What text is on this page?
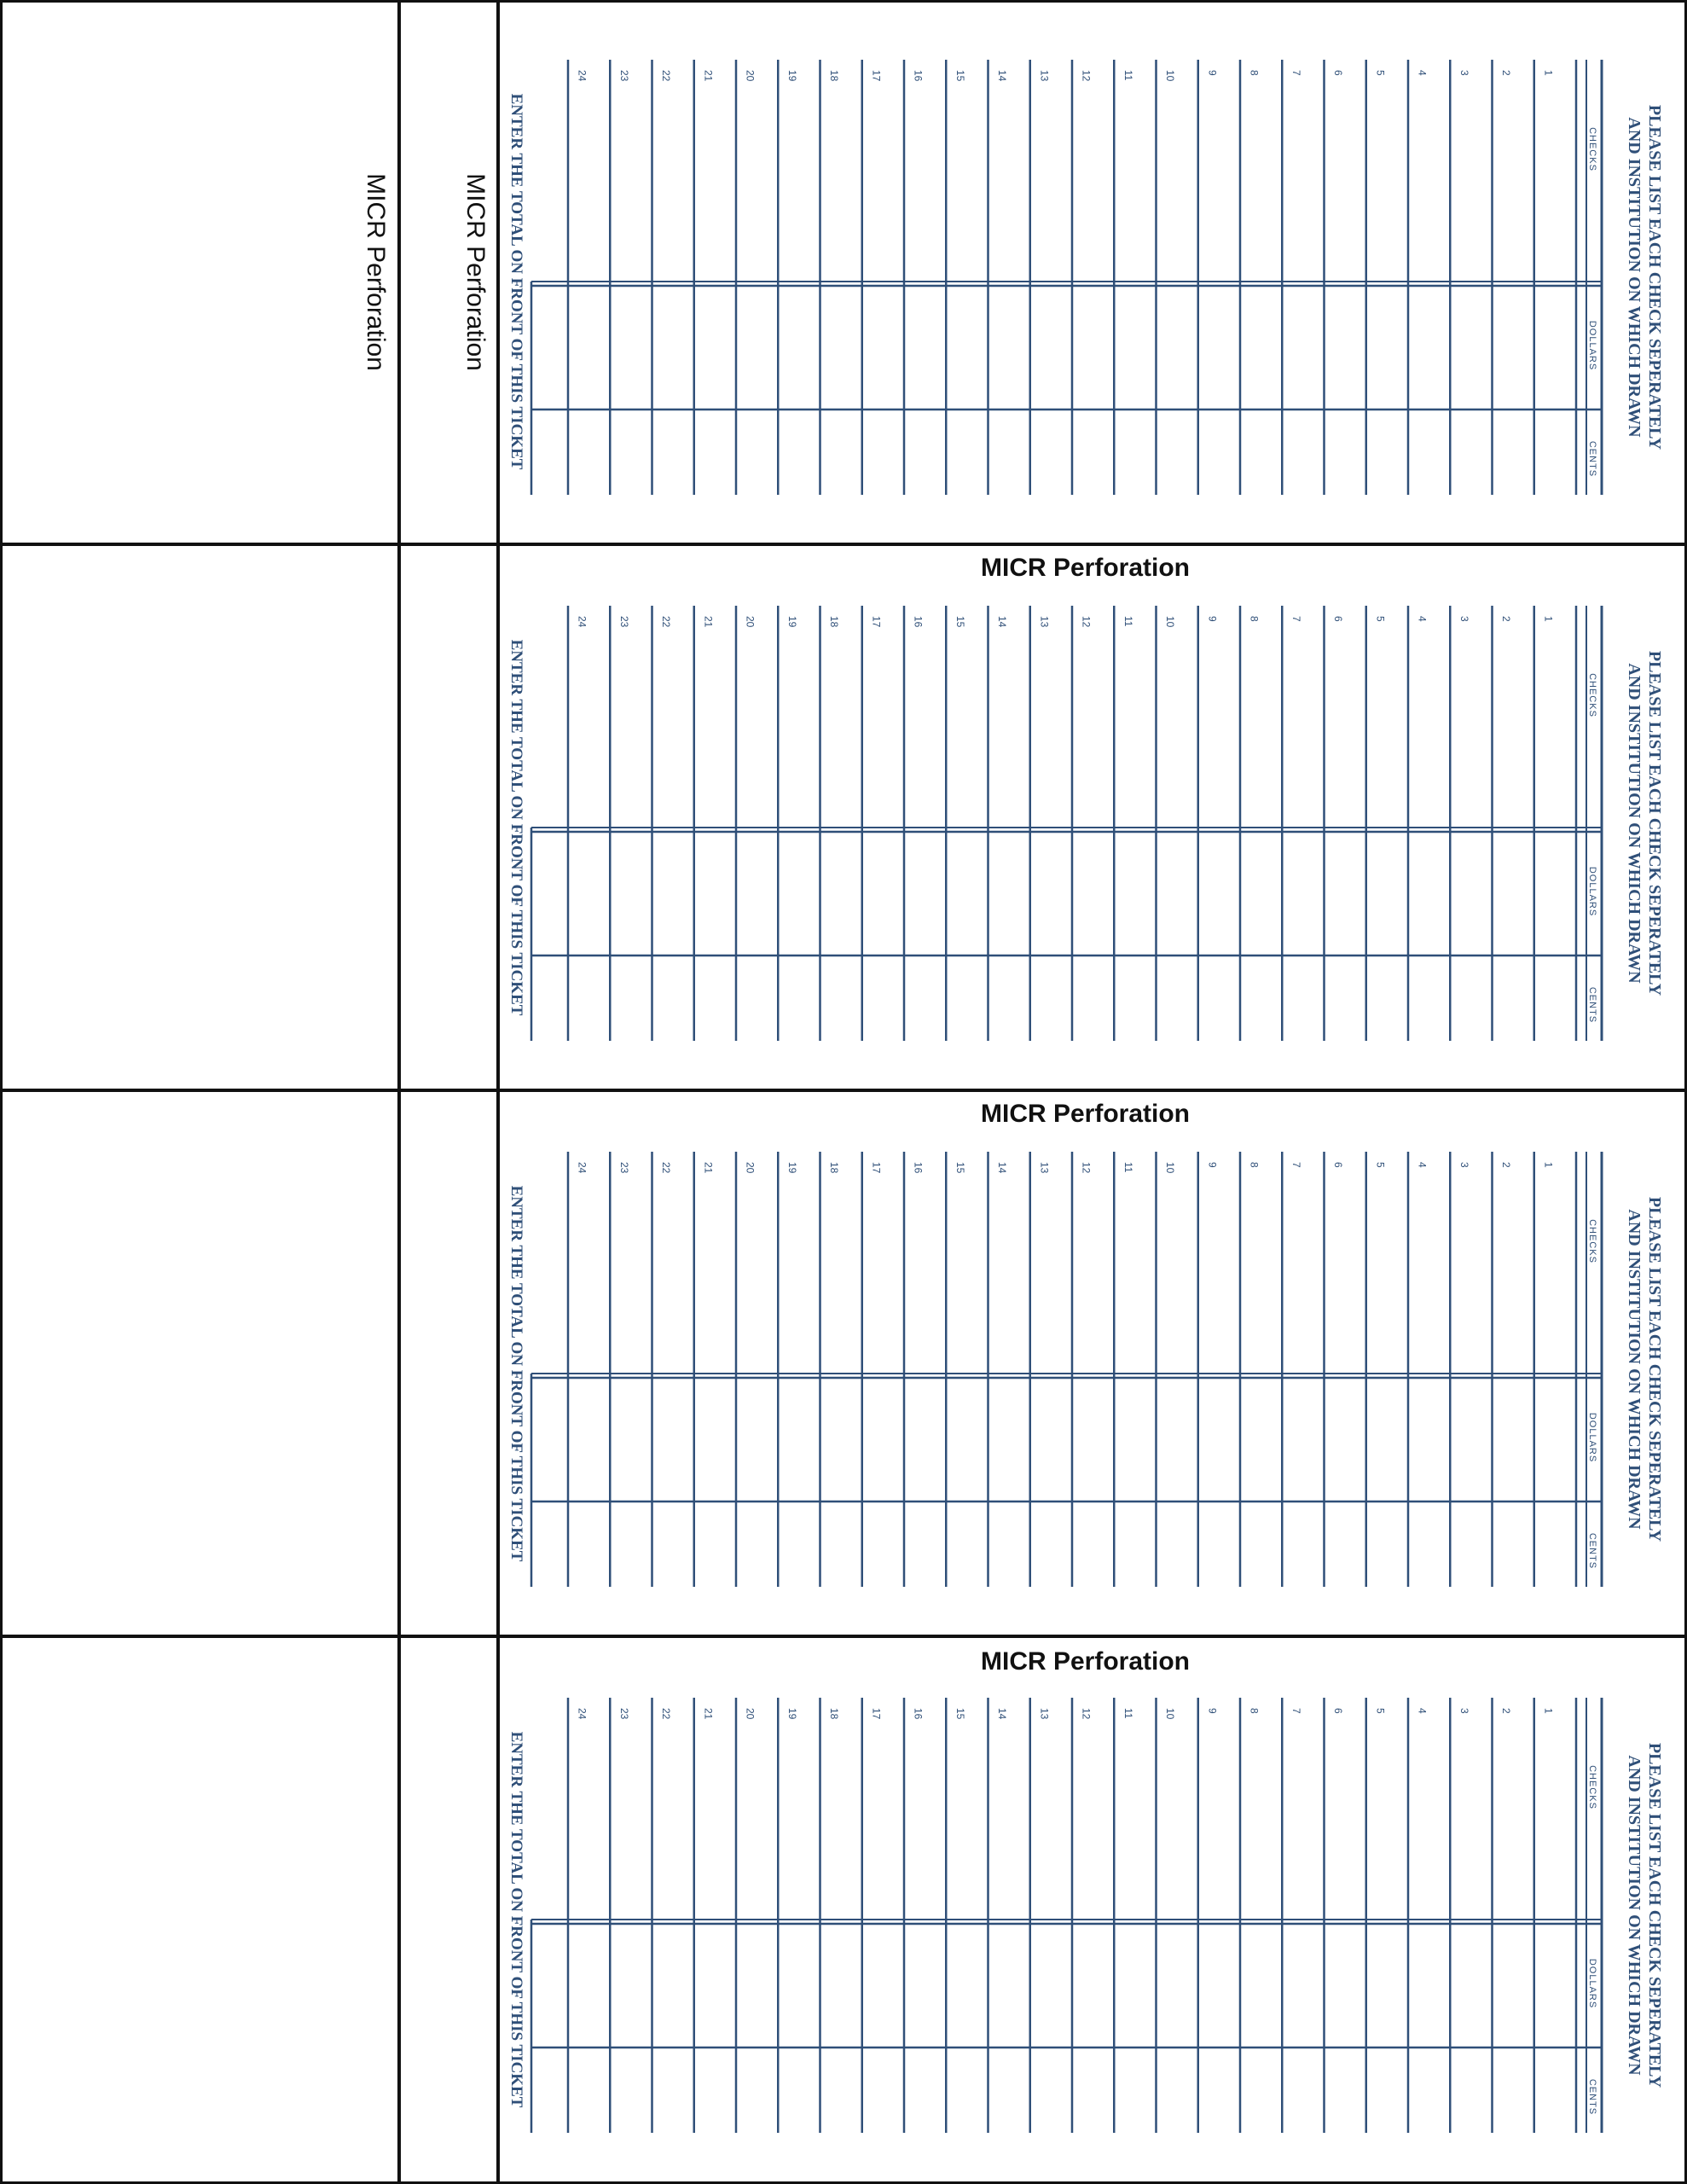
MICR Perforation	MICR Perforation
MICR Perforation
MICR Perforation
MICR Perforation
1
2
3
4
5
6
7
8
9
10
11
12
13
14
15
16
17
18
19
20
21
22
23
24
CHECKS
DOLLARS
CENTS
PLEASE LIST EACH CHECK SEPERATELY
AND INSTITUTION ON WHICH DRAWN
ENTER THE TOTAL ON FRONT OF THIS TICKET
1
2
3
4
5
6
7
8
9
10
11
12
13
14
15
16
17
18
19
20
21
22
23
24
CHECKS
DOLLARS
CENTS
PLEASE LIST EACH CHECK SEPERATELY
AND INSTITUTION ON WHICH DRAWN
ENTER THE TOTAL ON FRONT OF THIS TICKET
1
2
3
4
5
6
7
8
9
10
11
12
13
14
15
16
17
18
19
20
21
22
23
24
CHECKS
DOLLARS
CENTS
PLEASE LIST EACH CHECK SEPERATELY
AND INSTITUTION ON WHICH DRAWN
ENTER THE TOTAL ON FRONT OF THIS TICKET
1
2
3
4
5
6
7
8
9
10
11
12
13
14
15
16
17
18
19
20
21
22
23
24
CHECKS
DOLLARS
CENTS
PLEASE LIST EACH CHECK SEPERATELY
AND INSTITUTION ON WHICH DRAWN
ENTER THE TOTAL ON FRONT OF THIS TICKET
